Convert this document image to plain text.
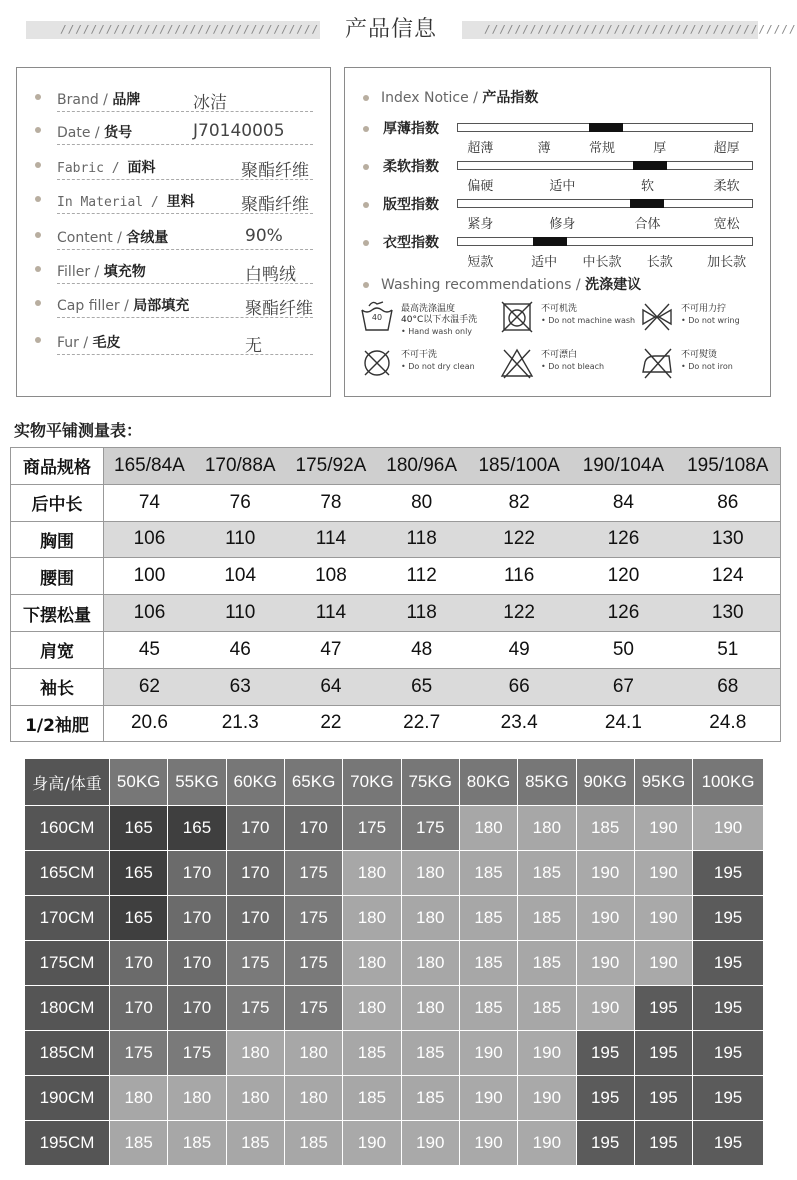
//////////////////////////////////	产品信息	/////////////////////////////////////////
Brand / 品牌	冰洁
Date / 货号	J70140005
Fabric / 面料	聚酯纤维
In Material / 里料	聚酯纤维
Content / 含绒量	90%
Filler / 填充物	白鸭绒
Cap filler / 局部填充	聚酯纤维
Fur / 毛皮	无
Index Notice / 产品指数
厚薄指数
超薄	薄	常规	厚	超厚
柔软指数
偏硬	适中	软	柔软
版型指数
紧身	修身	合体	宽松
衣型指数
短款	适中 中长款 长款	加长款
Washing recommendations / 洗涤建议
40
最高洗涤温度
40°C以下水温手洗
• Hand wash only
不可机洗
• Do not machine wash
不可用力拧
• Do not wring
不可干洗
• Do not dry clean
不可漂白
• Do not bleach
不可熨烫
• Do not iron
实物平铺测量表：
商品规格	165/84A	170/88A	175/92A	180/96A	185/100A	190/104A	195/108A
后中长	74	76	78	80	82	84	86
胸围	106	110	114	118	122	126	130
腰围	100	104	108	112	116	120	124
下摆松量	106	110	114	118	122	126	130
肩宽	45	46	47	48	49	50	51
袖长	62	63	64	65	66	67	68
1/2袖肥	20.6	21.3	22	22.7	23.4	24.1	24.8
身高/体重	50KG	55KG	60KG	65KG	70KG	75KG	80KG	85KG	90KG	95KG	100KG
160CM	165	165	170	170	175	175	180	180	185	190	190
165CM	165	170	170	175	180	180	185	185	190	190	195
170CM	165	170	170	175	180	180	185	185	190	190	195
175CM	170	170	175	175	180	180	185	185	190	190	195
180CM	170	170	175	175	180	180	185	185	190	195	195
185CM	175	175	180	180	185	185	190	190	195	195	195
190CM	180	180	180	180	185	185	190	190	195	195	195
195CM	185	185	185	185	190	190	190	190	195	195	195
